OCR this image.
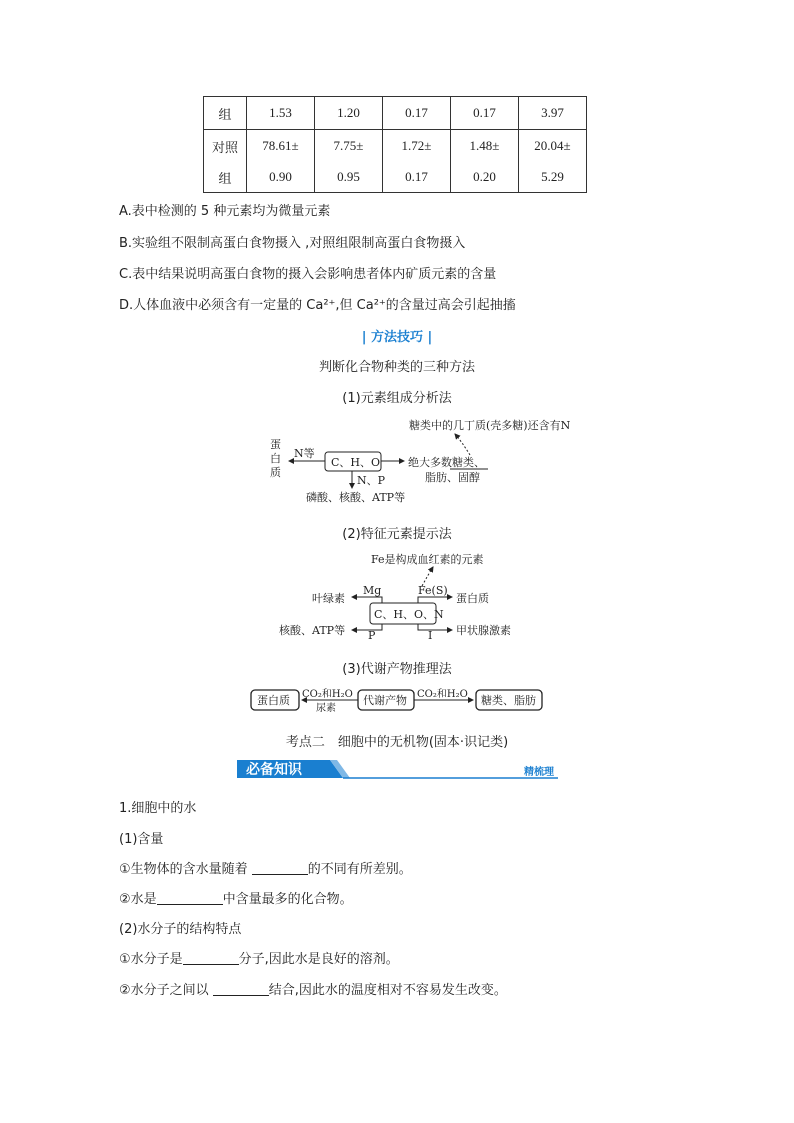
组	1.53	1.20	0.17	0.17	3.97
对照	78.61±	7.75±	1.72±	1.48±	20.04±
组	0.90	0.95	0.17	0.20	5.29
A.表中检测的 5 种元素均为微量元素
B.实验组不限制高蛋白食物摄入 ,对照组限制高蛋白食物摄入
C.表中结果说明高蛋白食物的摄入会影响患者体内矿质元素的含量
D.人体血液中必须含有一定量的 Ca²⁺,但 Ca²⁺的含量过高会引起抽搐
| 方法技巧 |
判断化合物种类的三种方法
(1)元素组成分析法
(2)特征元素提示法
(3)代谢产物推理法
糖类中的几丁质(壳多糖)还含有N
蛋
白
质
N等
C、H、O	绝大多数糖类、
脂肪、固醇
N、P
磷酸、核酸、ATP等
Fe是构成血红素的元素
叶绿素
Mg
C、H、O、N
Fe(S)
蛋白质
P
核酸、ATP等	I 甲状腺激素
蛋白质 CO₂和H₂O
尿素
代谢产物 CO₂和H₂O 糖类、脂肪
必备知识	精梳理
考点二　细胞中的无机物(固本·识记类)
1.细胞中的水
(1)含量
①生物体的含水量随着	的不同有所差别。
②水是	中含量最多的化合物。
(2)水分子的结构特点
①水分子是	分子,因此水是良好的溶剂。
②水分子之间以	结合,因此水的温度相对不容易发生改变。
